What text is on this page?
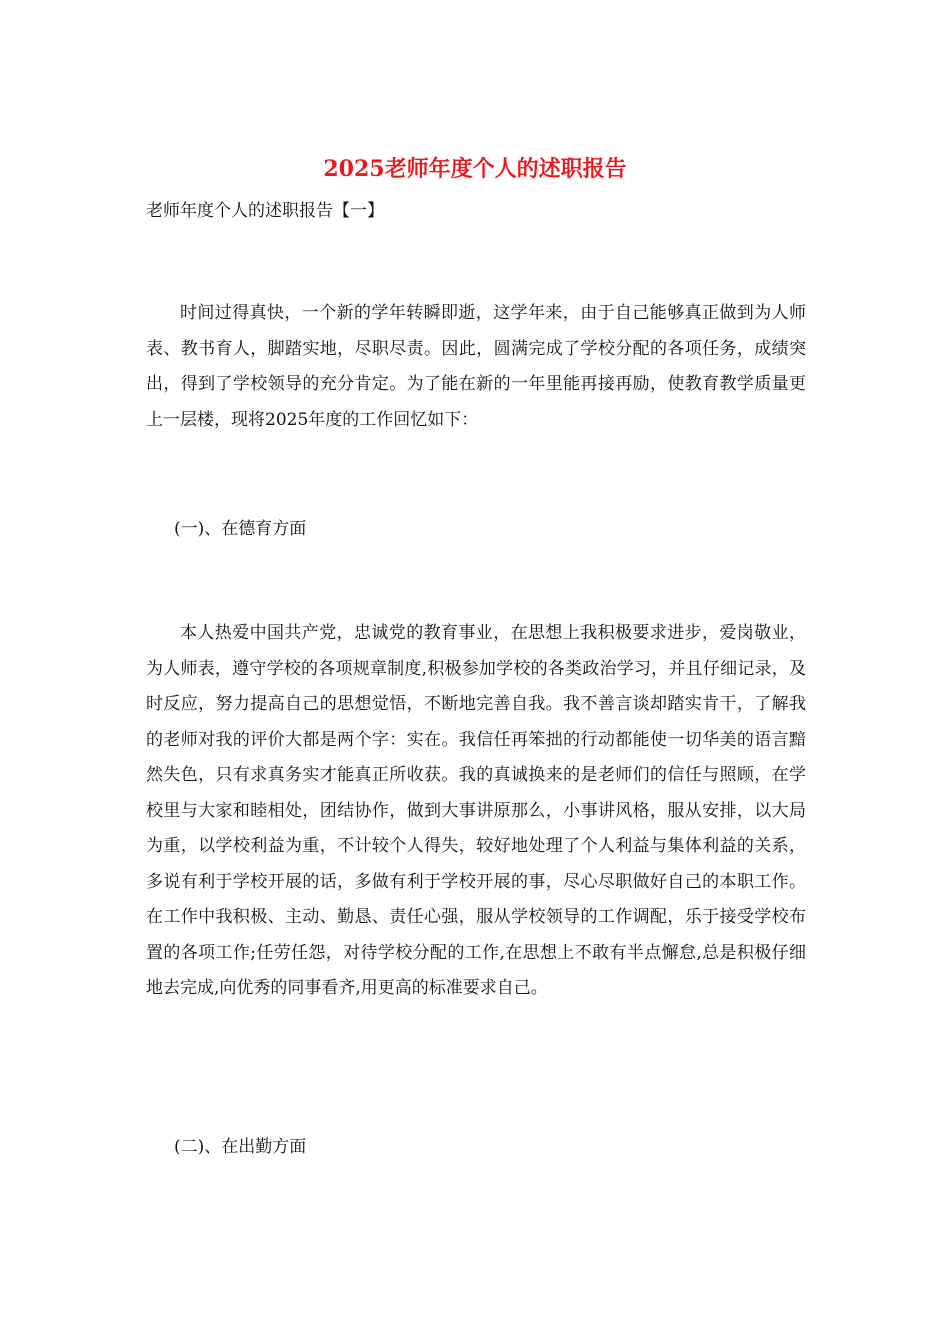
2025老师年度个人的述职报告

老师年度个人的述职报告【一】

时间过得真快，一个新的学年转瞬即逝，这学年来，由于自己能够真正做到为人师表、教书育人，脚踏实地，尽职尽责。因此，圆满完成了学校分配的各项任务，成绩突出，得到了学校领导的充分肯定。为了能在新的一年里能再接再励，使教育教学质量更上一层楼，现将2025年度的工作回忆如下：

(一)、在德育方面

本人热爱中国共产党，忠诚党的教育事业，在思想上我积极要求进步，爱岗敬业，为人师表，遵守学校的各项规章制度,积极参加学校的各类政治学习，并且仔细记录，及时反应，努力提高自己的思想觉悟，不断地完善自我。我不善言谈却踏实肯干，了解我的老师对我的评价大都是两个字：实在。我信任再笨拙的行动都能使一切华美的语言黯然失色，只有求真务实才能真正所收获。我的真诚换来的是老师们的信任与照顾，在学校里与大家和睦相处，团结协作，做到大事讲原那么，小事讲风格，服从安排，以大局为重，以学校利益为重，不计较个人得失，较好地处理了个人利益与集体利益的关系，多说有利于学校开展的话，多做有利于学校开展的事，尽心尽职做好自己的本职工作。在工作中我积极、主动、勤恳、责任心强，服从学校领导的工作调配，乐于接受学校布置的各项工作;任劳任怨，对待学校分配的工作,在思想上不敢有半点懈怠,总是积极仔细地去完成,向优秀的同事看齐,用更高的标准要求自己。

(二)、在出勤方面
